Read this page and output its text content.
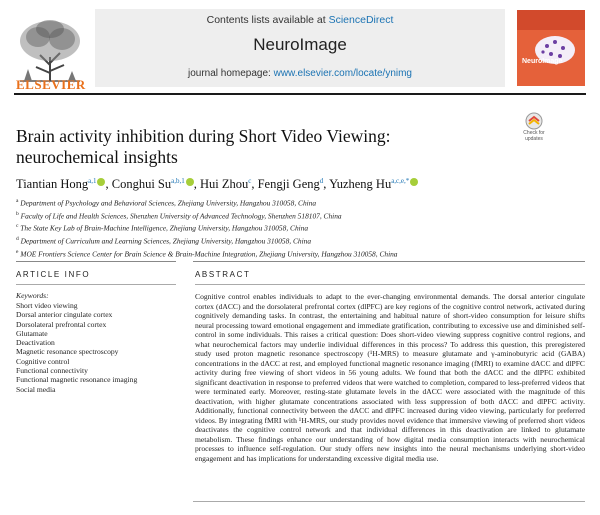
ELSEVIER
Contents lists available at ScienceDirect
NeuroImage
journal homepage: www.elsevier.com/locate/ynimg
NeuroImage
Brain activity inhibition during Short Video Viewing: neurochemical insights
Check for updates
Tiantian Hong$^{a,1}$ , Conghui Su$^{a,b,1}$ , Hui Zhou$^c$, Fengji Geng$^d$, Yuzheng $Hu^{a,c,e,*}$
$^a$ Department of Psychology and Behavioral Sciences, Zhejiang University, Hangzhou 310058, China
$^b$ Faculty of Life and Health Sciences, Shenzhen University of Advanced Technology, Shenzhen 518107, China
$^c$ The State Key Lab of Brain-Machine Intelligence, Zhejiang University, Hangzhou 310058, China
$^d$ Department of Curriculum and Learning Sciences, Zhejiang University, Hangzhou 310058, China
$^e$ MOE Frontiers Science Center for Brain Science & Brain-Machine Integration, Zhejiang University, Hangzhou 310058, China
ARTICLE INFO
Keywords:
Short video viewing
Dorsal anterior cingulate cortex
Dorsolateral prefrontal cortex
Glutamate
Deactivation
Magnetic resonance spectroscopy
Cognitive control
Functional connectivity
Functional magnetic resonance imaging
Social media
ABSTRACT
Cognitive control enables individuals to adapt to the ever-changing environmental demands. The dorsal anterior cingulate cortex (dACC) and the dorsolateral prefrontal cortex (dlPFC) are key regions of the cognitive control network, activated during cognitively demanding tasks. In contrast, the entertaining and habitual nature of short-video consumption for leisure shifts neural processing toward emotional engagement and immediate gratification, contributing to excessive use and diminished self-control in some individuals. This raises a critical question: Does short-video viewing suppress cognitive control regions, and what neurochemical factors may underlie individual differences in this process? To address this question, this preregistered study used proton magnetic resonance spectroscopy (¹H-MRS) to measure glutamate and γ-aminobutyric acid (GABA) concentrations in the dACC at rest, and employed functional magnetic resonance imaging (fMRI) to examine dACC and dlPFC activity during free viewing of short videos in 56 young adults. We found that both the dACC and the dlPFC exhibited significant deactivation in response to preferred videos that were watched to completion, compared to less-preferred videos that were terminated early. Moreover, resting-state glutamate levels in the dACC were associated with the magnitude of this deactivation, with higher glutamate concentrations associated with less suppression of both dACC and dlPFC activity. Additionally, functional connectivity between the dACC and dlPFC increased during video viewing, particularly for preferred videos. By integrating fMRI with ¹H-MRS, our study provides novel evidence that immersive viewing of preferred short videos deactivates the cognitive control network and that individual differences in this deactivation are linked to glutamate metabolism. These findings enhance our understanding of how digital media consumption interacts with neurochemical processes to influence self-regulation. Our study offers new insights into the neural mechanisms underlying short-video engagement and has implications for understanding excessive digital media use.
